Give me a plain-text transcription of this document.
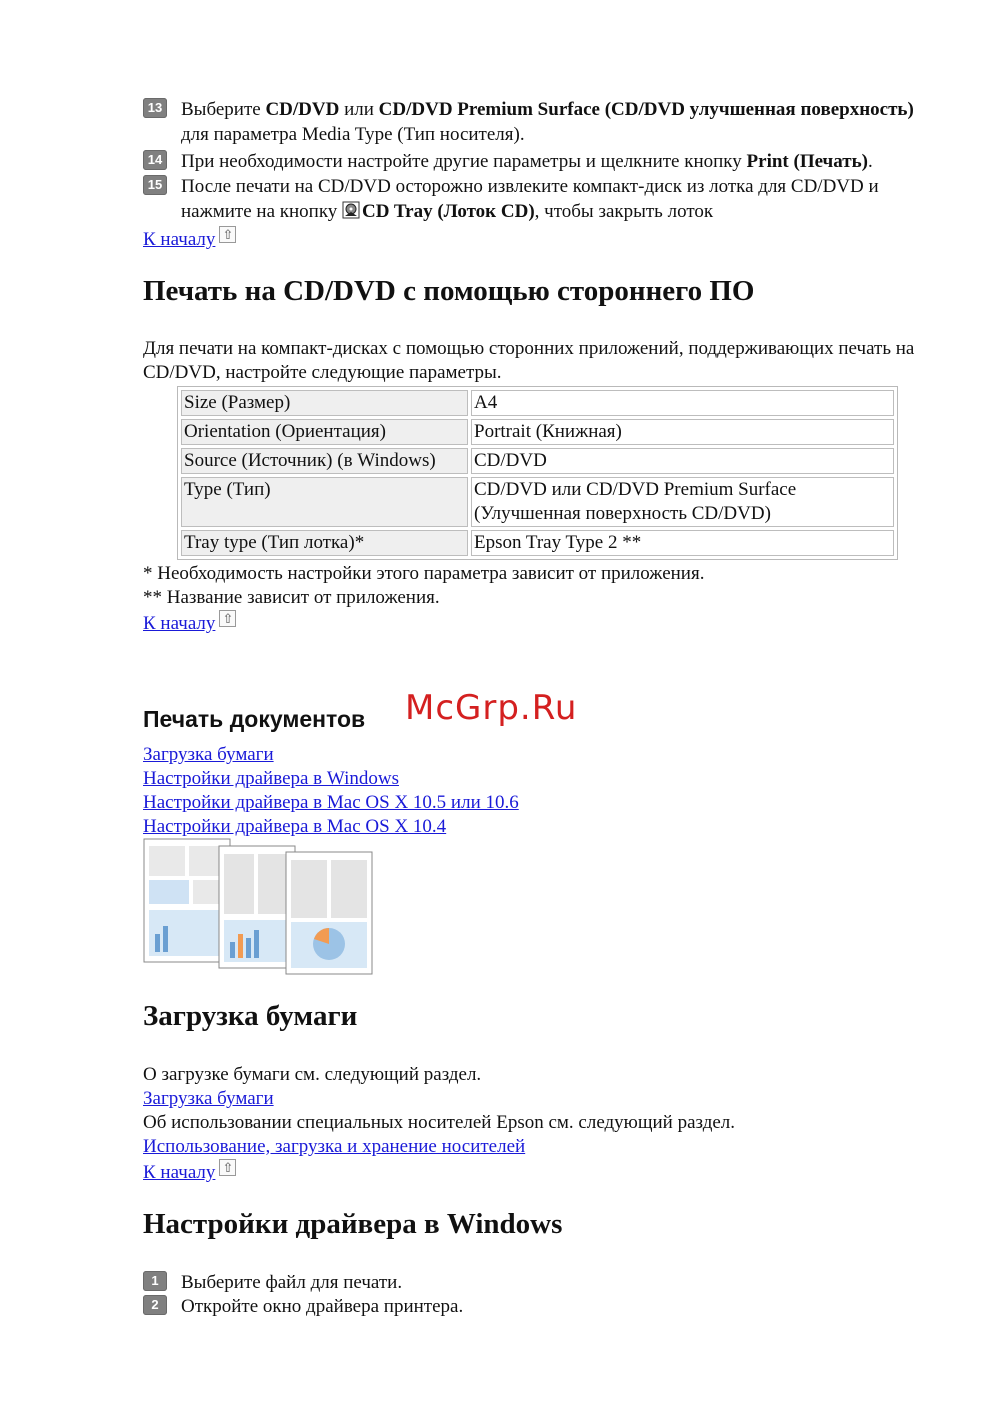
13 Выберите CD/DVD или CD/DVD Premium Surface (CD/DVD улучшенная поверхность) для параметра Media Type (Тип носителя).
14 При необходимости настройте другие параметры и щелкните кнопку Print (Печать).
15 После печати на CD/DVD осторожно извлеките компакт-диск из лотка для CD/DVD и нажмите на кнопку CD Tray (Лоток CD), чтобы закрыть лоток
К началу⇧
Печать на CD/DVD с помощью стороннего ПО
Для печати на компакт-дисках с помощью сторонних приложений, поддерживающих печать на CD/DVD, настройте следующие параметры.
Size (Размер)	A4
Orientation (Ориентация)	Portrait (Книжная)
Source (Источник) (в Windows)	CD/DVD
Type (Тип)	CD/DVD или CD/DVD Premium Surface (Улучшенная поверхность CD/DVD)
Tray type (Тип лотка)*	Epson Tray Type 2 **
* Необходимость настройки этого параметра зависит от приложения.
** Название зависит от приложения.
К началу⇧
Печать документов McGrp.Ru
Загрузка бумаги
Настройки драйвера в Windows
Настройки драйвера в Mac OS X 10.5 или 10.6
Настройки драйвера в Mac OS X 10.4
Загрузка бумаги
О загрузке бумаги см. следующий раздел.
Загрузка бумаги
Об использовании специальных носителей Epson см. следующий раздел.
Использование, загрузка и хранение носителей
К началу⇧
Настройки драйвера в Windows
1	Выберите файл для печати.
2	Откройте окно драйвера принтера.
